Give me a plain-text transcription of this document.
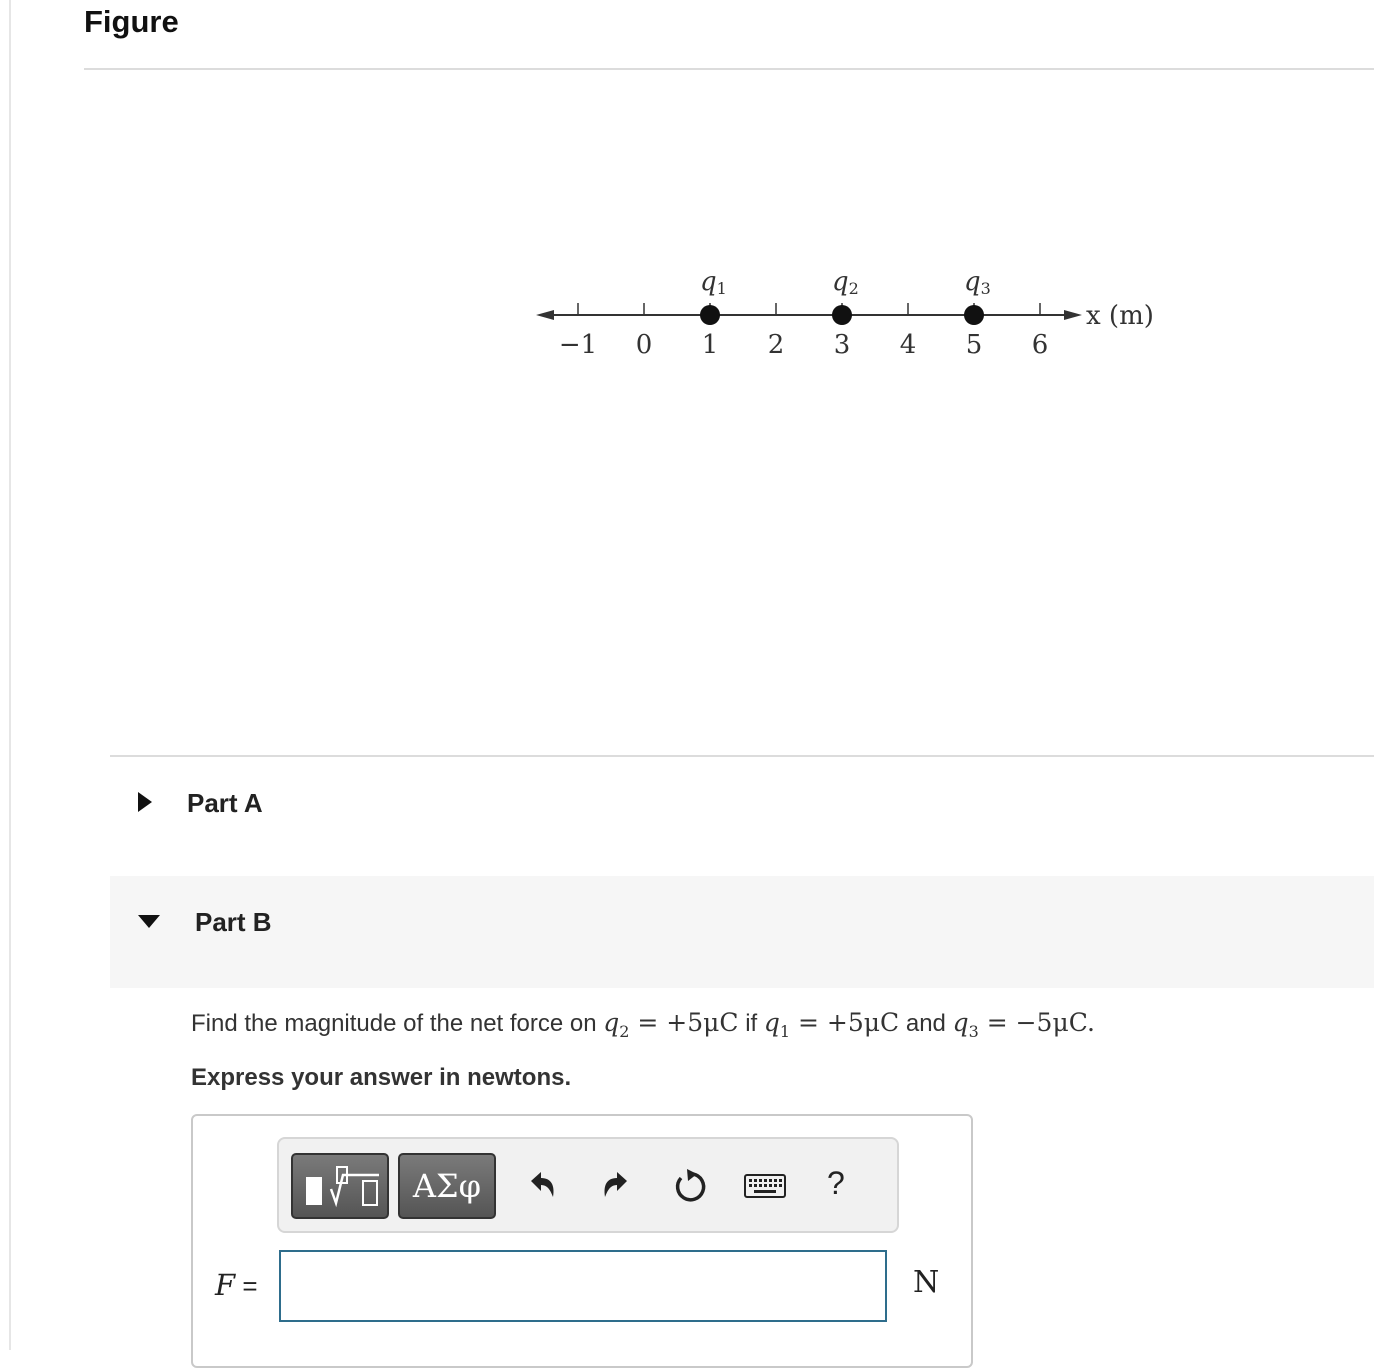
Figure
−1 0 1 2 3 4 5 6
q1	q2	q3
x (m)
Part A
Part B
Find the magnitude of the net force on $q_2 = +5\mu C$ if $q_1 = +5\mu C$ and $q_3 = -5\mu C$.
Express your answer in newtons.
ΑΣφ	?
F =	N
